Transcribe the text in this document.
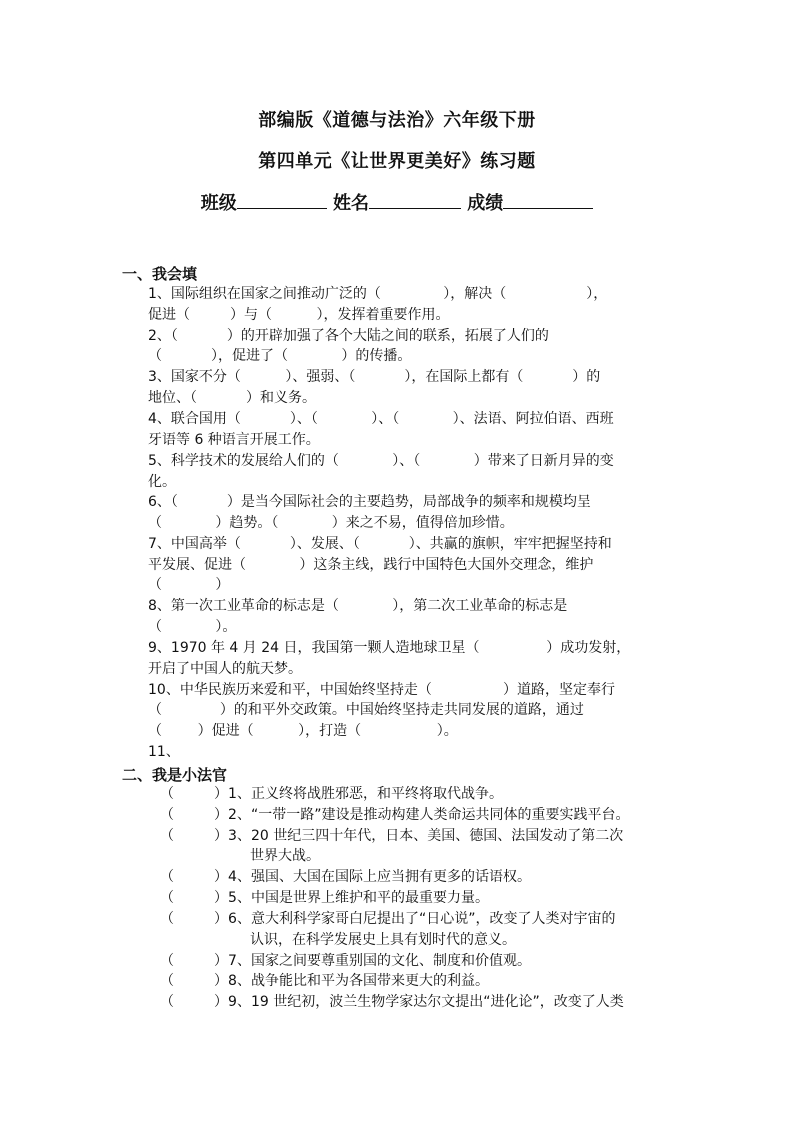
部编版《道德与法治》六年级下册
第四单元《让世界更美好》练习题
班级	姓名	成绩
一、我会填
1、国际组织在国家之间推动广泛的（              ），解决（                  ），
促进（         ）与（          ），发挥着重要作用。
2、（           ）的开辟加强了各个大陆之间的联系，拓展了人们的
（           ），促进了（            ）的传播。
3、国家不分（          ）、强弱、（           ），在国际上都有（           ）的
地位、（           ）和义务。
4、联合国用（           ）、（            ）、（            ）、法语、阿拉伯语、西班
牙语等 6 种语言开展工作。
5、科学技术的发展给人们的（            ）、（            ）带来了日新月异的变
化。
6、（           ）是当今国际社会的主要趋势，局部战争的频率和规模均呈
（            ）趋势。（            ）来之不易，值得倍加珍惜。
7、中国高举（           ）、发展、（           ）、共赢的旗帜，牢牢把握坚持和
平发展、促进（            ）这条主线，践行中国特色大国外交理念，维护
（            ）
8、第一次工业革命的标志是（            ），第二次工业革命的标志是
（            ）。
9、1970 年 4 月 24 日，我国第一颗人造地球卫星（               ）成功发射，
开启了中国人的航天梦。
10、中华民族历来爱和平，中国始终坚持走（                ）道路，坚定奉行
（             ）的和平外交政策。中国始终坚持走共同发展的道路，通过
（        ）促进（          ），打造（                 ）。
11、
二、我是小法官
（         ）1、正义终将战胜邪恶，和平终将取代战争。
（         ）2、“一带一路”建设是推动构建人类命运共同体的重要实践平台。
（         ）3、20 世纪三四十年代，日本、美国、德国、法国发动了第二次
世界大战。
（         ）4、强国、大国在国际上应当拥有更多的话语权。
（         ）5、中国是世界上维护和平的最重要力量。
（         ）6、意大利科学家哥白尼提出了“日心说”，改变了人类对宇宙的
认识，在科学发展史上具有划时代的意义。
（         ）7、国家之间要尊重别国的文化、制度和价值观。
（         ）8、战争能比和平为各国带来更大的利益。
（         ）9、19 世纪初，波兰生物学家达尔文提出“进化论”，改变了人类
